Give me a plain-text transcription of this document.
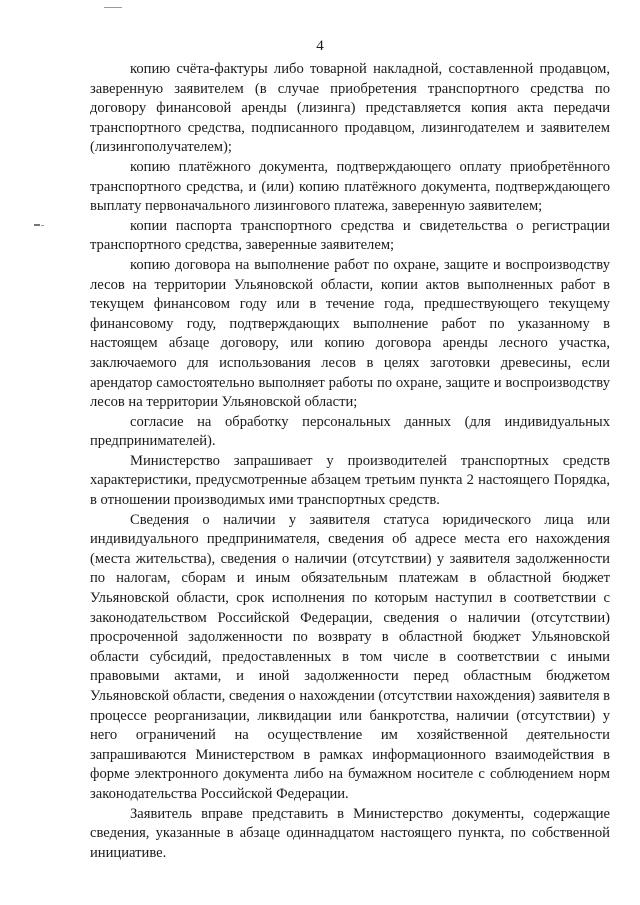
4

копию счёта-фактуры либо товарной накладной, составленной продавцом, заверенную заявителем (в случае приобретения транспортного средства по договору финансовой аренды (лизинга) представляется копия акта передачи транспортного средства, подписанного продавцом, лизингодателем и заявителем (лизингополучателем);

копию платёжного документа, подтверждающего оплату приобретённого транспортного средства, и (или) копию платёжного документа, подтверждающего выплату первоначального лизингового платежа, заверенную заявителем;

копии паспорта транспортного средства и свидетельства о регистрации транспортного средства, заверенные заявителем;

копию договора на выполнение работ по охране, защите и воспроизводству лесов на территории Ульяновской области, копии актов выполненных работ в текущем финансовом году или в течение года, предшествующего текущему финансовому году, подтверждающих выполнение работ по указанному в настоящем абзаце договору, или копию договора аренды лесного участка, заключаемого для использования лесов в целях заготовки древесины, если арендатор самостоятельно выполняет работы по охране, защите и воспроизводству лесов на территории Ульяновской области;

согласие на обработку персональных данных (для индивидуальных предпринимателей).

Министерство запрашивает у производителей транспортных средств характеристики, предусмотренные абзацем третьим пункта 2 настоящего Порядка, в отношении производимых ими транспортных средств.

Сведения о наличии у заявителя статуса юридического лица или индивидуального предпринимателя, сведения об адресе места его нахождения (места жительства), сведения о наличии (отсутствии) у заявителя задолженности по налогам, сборам и иным обязательным платежам в областной бюджет Ульяновской области, срок исполнения по которым наступил в соответствии с законодательством Российской Федерации, сведения о наличии (отсутствии) просроченной задолженности по возврату в областной бюджет Ульяновской области субсидий, предоставленных в том числе в соответствии с иными правовыми актами, и иной задолженности перед областным бюджетом Ульяновской области, сведения о нахождении (отсутствии нахождения) заявителя в процессе реорганизации, ликвидации или банкротства, наличии (отсутствии) у него ограничений на осуществление им хозяйственной деятельности запрашиваются Министерством в рамках информационного взаимодействия в форме электронного документа либо на бумажном носителе с соблюдением норм законодательства Российской Федерации.

Заявитель вправе представить в Министерство документы, содержащие сведения, указанные в абзаце одиннадцатом настоящего пункта, по собственной инициативе.
